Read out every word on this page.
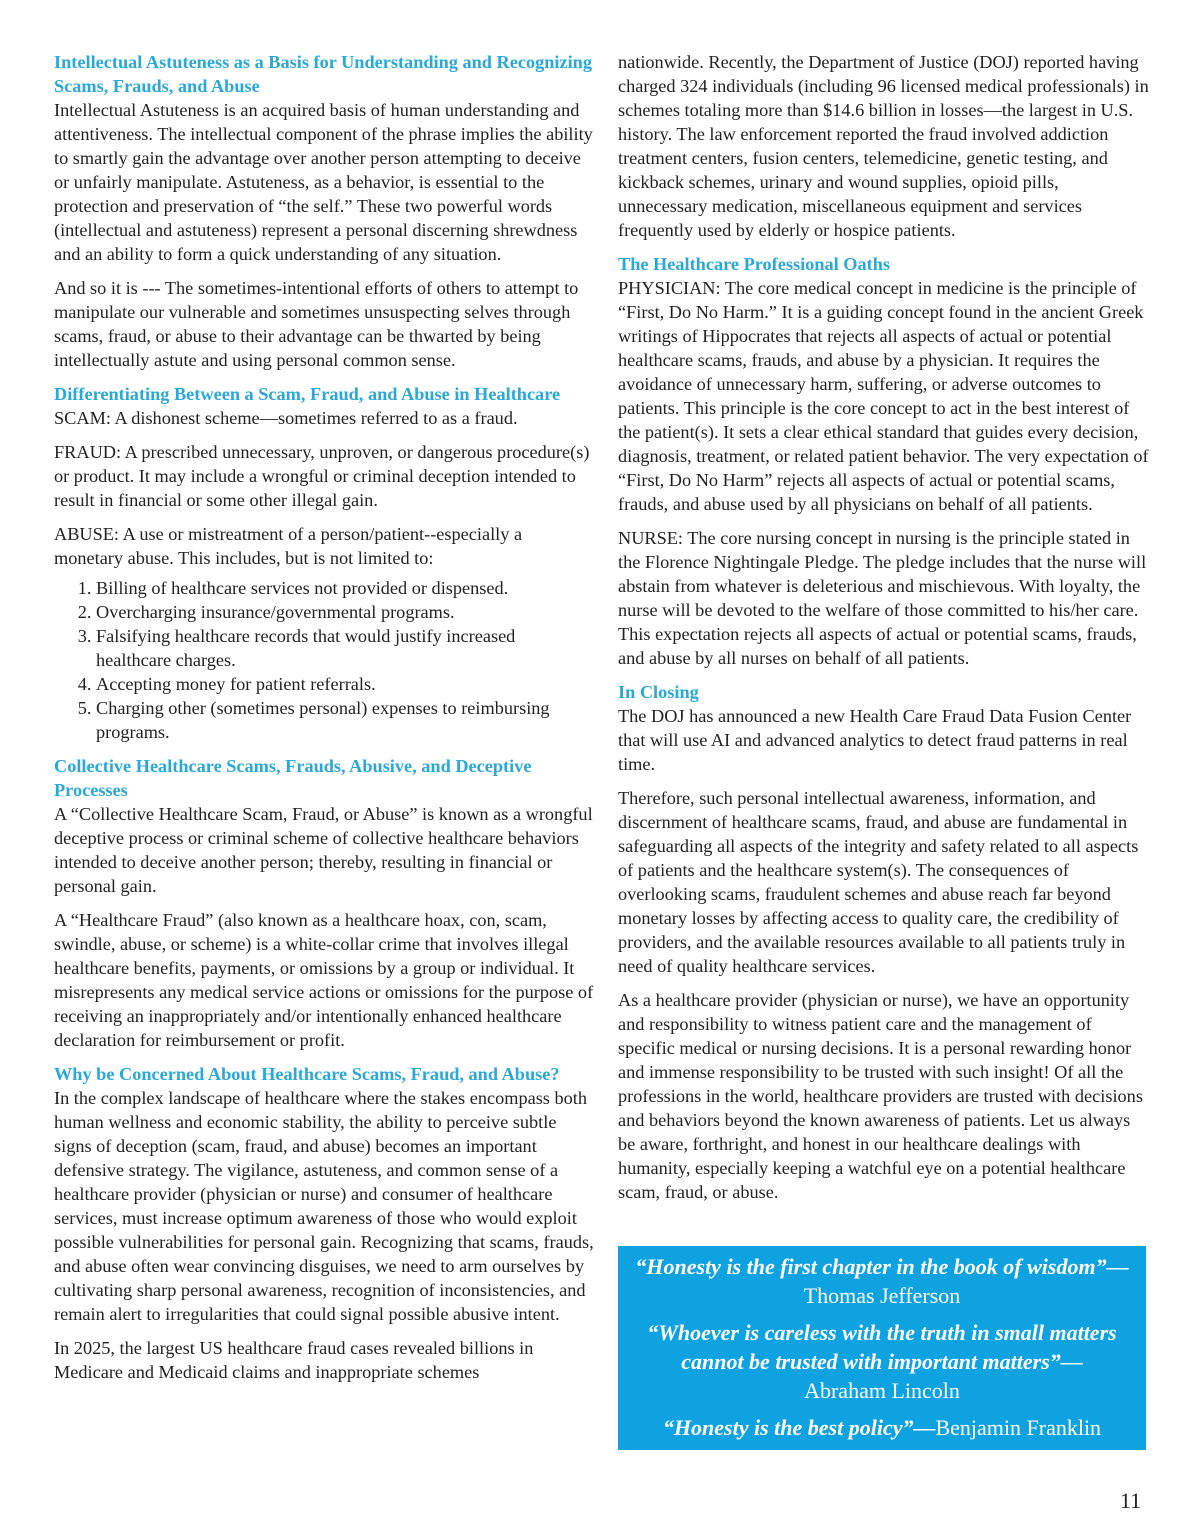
Intellectual Astuteness as a Basis for Understanding and Recognizing Scams, Frauds, and Abuse

Intellectual Astuteness is an acquired basis of human understanding and attentiveness. The intellectual component of the phrase implies the ability to smartly gain the advantage over another person attempting to deceive or unfairly manipulate. Astuteness, as a behavior, is essential to the protection and preservation of “the self.” These two powerful words (intellectual and astuteness) represent a personal discerning shrewdness and an ability to form a quick understanding of any situation.

And so it is --- The sometimes-intentional efforts of others to attempt to manipulate our vulnerable and sometimes unsuspecting selves through scams, fraud, or abuse to their advantage can be thwarted by being intellectually astute and using personal common sense.

Differentiating Between a Scam, Fraud, and Abuse in Healthcare

SCAM: A dishonest scheme—sometimes referred to as a fraud.

FRAUD: A prescribed unnecessary, unproven, or dangerous procedure(s) or product. It may include a wrongful or criminal deception intended to result in financial or some other illegal gain.

ABUSE: A use or mistreatment of a person/patient--especially a monetary abuse. This includes, but is not limited to:

1. Billing of healthcare services not provided or dispensed.
2. Overcharging insurance/governmental programs.
3. Falsifying healthcare records that would justify increased healthcare charges.
4. Accepting money for patient referrals.
5. Charging other (sometimes personal) expenses to reimbursing programs.
Collective Healthcare Scams, Frauds, Abusive, and Deceptive Processes

A “Collective Healthcare Scam, Fraud, or Abuse” is known as a wrongful deceptive process or criminal scheme of collective healthcare behaviors intended to deceive another person; thereby, resulting in financial or personal gain.

A “Healthcare Fraud” (also known as a healthcare hoax, con, scam, swindle, abuse, or scheme) is a white-collar crime that involves illegal healthcare benefits, payments, or omissions by a group or individual. It misrepresents any medical service actions or omissions for the purpose of receiving an inappropriately and/or intentionally enhanced healthcare declaration for reimbursement or profit.

Why be Concerned About Healthcare Scams, Fraud, and Abuse?

In the complex landscape of healthcare where the stakes encompass both human wellness and economic stability, the ability to perceive subtle signs of deception (scam, fraud, and abuse) becomes an important defensive strategy. The vigilance, astuteness, and common sense of a healthcare provider (physician or nurse) and consumer of healthcare services, must increase optimum awareness of those who would exploit possible vulnerabilities for personal gain. Recognizing that scams, frauds, and abuse often wear convincing disguises, we need to arm ourselves by cultivating sharp personal awareness, recognition of inconsistencies, and remain alert to irregularities that could signal possible abusive intent.

In 2025, the largest US healthcare fraud cases revealed billions in Medicare and Medicaid claims and inappropriate schemes

nationwide. Recently, the Department of Justice (DOJ) reported having charged 324 individuals (including 96 licensed medical professionals) in schemes totaling more than $14.6 billion in losses—the largest in U.S. history. The law enforcement reported the fraud involved addiction treatment centers, fusion centers, telemedicine, genetic testing, and kickback schemes, urinary and wound supplies, opioid pills, unnecessary medication, miscellaneous equipment and services frequently used by elderly or hospice patients.

The Healthcare Professional Oaths

PHYSICIAN: The core medical concept in medicine is the principle of “First, Do No Harm.” It is a guiding concept found in the ancient Greek writings of Hippocrates that rejects all aspects of actual or potential healthcare scams, frauds, and abuse by a physician. It requires the avoidance of unnecessary harm, suffering, or adverse outcomes to patients. This principle is the core concept to act in the best interest of the patient(s). It sets a clear ethical standard that guides every decision, diagnosis, treatment, or related patient behavior. The very expectation of “First, Do No Harm” rejects all aspects of actual or potential scams, frauds, and abuse used by all physicians on behalf of all patients.

NURSE: The core nursing concept in nursing is the principle stated in the Florence Nightingale Pledge. The pledge includes that the nurse will abstain from whatever is deleterious and mischievous. With loyalty, the nurse will be devoted to the welfare of those committed to his/her care. This expectation rejects all aspects of actual or potential scams, frauds, and abuse by all nurses on behalf of all patients.

In Closing

The DOJ has announced a new Health Care Fraud Data Fusion Center that will use AI and advanced analytics to detect fraud patterns in real time.

Therefore, such personal intellectual awareness, information, and discernment of healthcare scams, fraud, and abuse are fundamental in safeguarding all aspects of the integrity and safety related to all aspects of patients and the healthcare system(s). The consequences of overlooking scams, fraudulent schemes and abuse reach far beyond monetary losses by affecting access to quality care, the credibility of providers, and the available resources available to all patients truly in need of quality healthcare services.

As a healthcare provider (physician or nurse), we have an opportunity and responsibility to witness patient care and the management of specific medical or nursing decisions. It is a personal rewarding honor and immense responsibility to be trusted with such insight! Of all the professions in the world, healthcare providers are trusted with decisions and behaviors beyond the known awareness of patients. Let us always be aware, forthright, and honest in our healthcare dealings with humanity, especially keeping a watchful eye on a potential healthcare scam, fraud, or abuse.

“Honesty is the first chapter in the book of wisdom”—
Thomas Jefferson

“Whoever is careless with the truth in small matters cannot be trusted with important matters”—
Abraham Lincoln

“Honesty is the best policy”—Benjamin Franklin

11
